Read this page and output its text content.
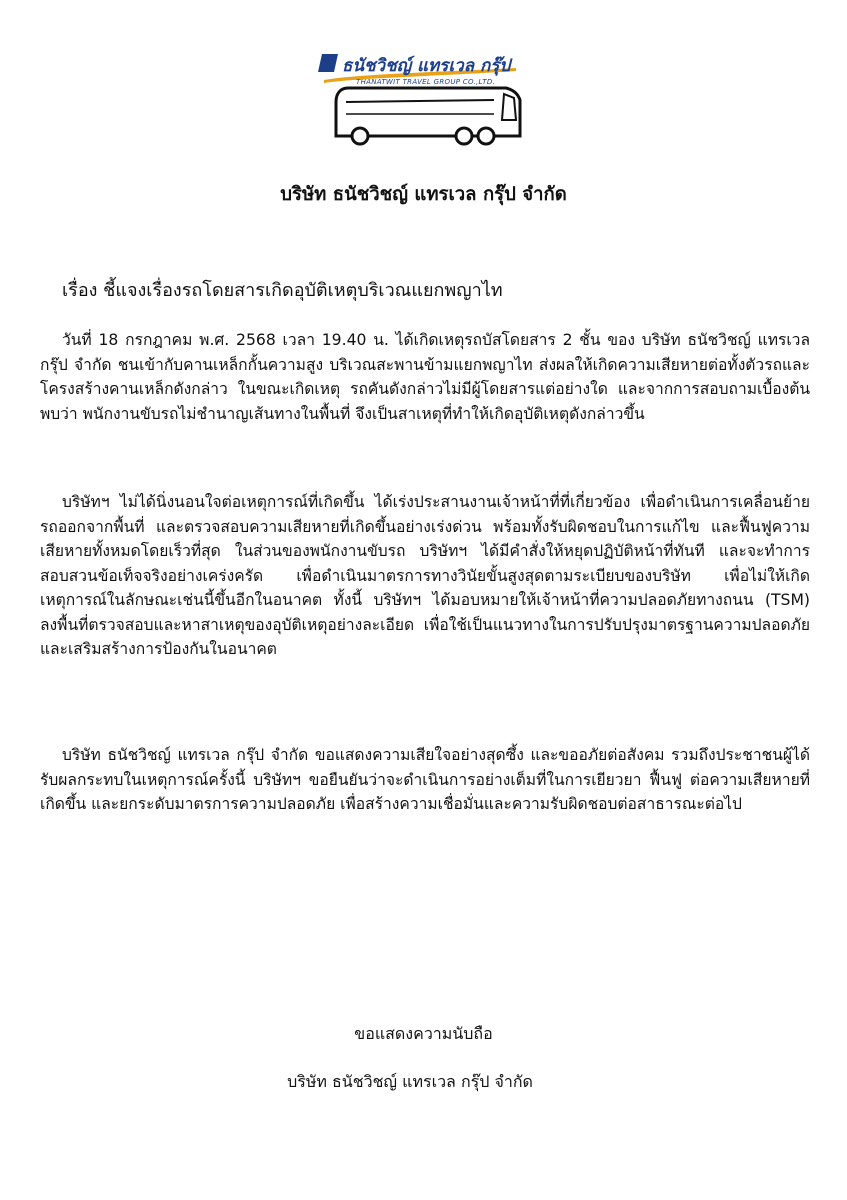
ธนัชวิชญ์ แทรเวล กรุ๊ป
THANATWIT TRAVEL GROUP CO.,LTD.
บริษัท ธนัชวิชญ์ แทรเวล กรุ๊ป จำกัด
เรื่อง ชี้แจงเรื่องรถโดยสารเกิดอุบัติเหตุบริเวณแยกพญาไท

วันที่ 18 กรกฎาคม พ.ศ. 2568 เวลา 19.40 น. ได้เกิดเหตุรถบัสโดยสาร 2 ชั้น ของ บริษัท ธนัชวิชญ์ แทรเวล กรุ๊ป จำกัด ชนเข้ากับคานเหล็กกั้นความสูง บริเวณสะพานข้ามแยกพญาไท ส่งผลให้เกิดความเสียหายต่อทั้งตัวรถและโครงสร้างคานเหล็กดังกล่าว ในขณะเกิดเหตุ รถคันดังกล่าวไม่มีผู้โดยสารแต่อย่างใด และจากการสอบถามเบื้องต้นพบว่า พนักงานขับรถไม่ชำนาญเส้นทางในพื้นที่ จึงเป็นสาเหตุที่ทำให้เกิดอุบัติเหตุดังกล่าวขึ้น

บริษัทฯ ไม่ได้นิ่งนอนใจต่อเหตุการณ์ที่เกิดขึ้น ได้เร่งประสานงานเจ้าหน้าที่ที่เกี่ยวข้อง เพื่อดำเนินการเคลื่อนย้ายรถออกจากพื้นที่ และตรวจสอบความเสียหายที่เกิดขึ้นอย่างเร่งด่วน พร้อมทั้งรับผิดชอบในการแก้ไข และฟื้นฟูความเสียหายทั้งหมดโดยเร็วที่สุด ในส่วนของพนักงานขับรถ บริษัทฯ ได้มีคำสั่งให้หยุดปฏิบัติหน้าที่ทันที และจะทำการสอบสวนข้อเท็จจริงอย่างเคร่งครัด เพื่อดำเนินมาตรการทางวินัยขั้นสูงสุดตามระเบียบของบริษัท เพื่อไม่ให้เกิดเหตุการณ์ในลักษณะเช่นนี้ขึ้นอีกในอนาคต ทั้งนี้ บริษัทฯ ได้มอบหมายให้เจ้าหน้าที่ความปลอดภัยทางถนน (TSM) ลงพื้นที่ตรวจสอบและหาสาเหตุของอุบัติเหตุอย่างละเอียด เพื่อใช้เป็นแนวทางในการปรับปรุงมาตรฐานความปลอดภัย และเสริมสร้างการป้องกันในอนาคต

บริษัท ธนัชวิชญ์ แทรเวล กรุ๊ป จำกัด ขอแสดงความเสียใจอย่างสุดซึ้ง และขออภัยต่อสังคม รวมถึงประชาชนผู้ได้รับผลกระทบในเหตุการณ์ครั้งนี้ บริษัทฯ ขอยืนยันว่าจะดำเนินการอย่างเต็มที่ในการเยียวยา ฟื้นฟู ต่อความเสียหายที่เกิดขึ้น และยกระดับมาตรการความปลอดภัย เพื่อสร้างความเชื่อมั่นและความรับผิดชอบต่อสาธารณะต่อไป

ขอแสดงความนับถือ
บริษัท ธนัชวิชญ์ แทรเวล กรุ๊ป จำกัด
